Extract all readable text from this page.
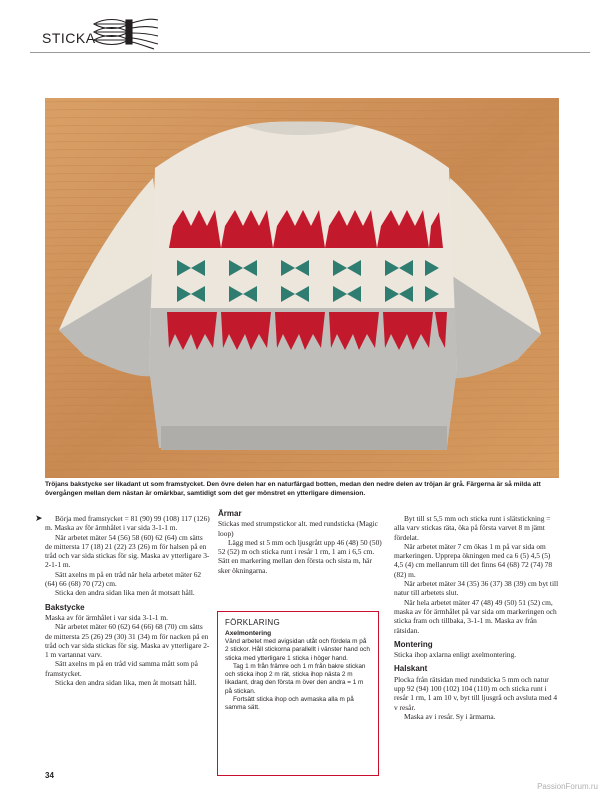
STICKA
Tröjans bakstycke ser likadant ut som framstycket. Den övre delen har en naturfärgad botten, medan den nedre delen av tröjan är grå. Färgerna är så milda att övergången mellan dem nästan är omärkbar, samtidigt som det ger mönstret en ytterligare dimension.
➤	Börja med framstycket = 81 (90) 99 (108) 117 (126) m. Maska av för ärmhålet i var sida 3-1-1 m.

När arbetet mäter 54 (56) 58 (60) 62 (64) cm sätts de mittersta 17 (18) 21 (22) 23 (26) m för halsen på en tråd och var sida stickas för sig. Maska av ytterligare 3-2-1-1 m.

Sätt axelns m på en tråd när hela arbetet mäter 62 (64) 66 (68) 70 (72) cm.

Sticka den andra sidan lika men åt motsatt håll.

Bakstycke

Maska av för ärmhålet i var sida 3-1-1 m.

När arbetet mäter 60 (62) 64 (66) 68 (70) cm sätts de mittersta 25 (26) 29 (30) 31 (34) m för nacken på en tråd och var sida stickas för sig. Maska av ytterligare 2-1 m vartannat varv.

Sätt axelns m på en tråd vid samma mått som på framstycket.

Sticka den andra sidan lika, men åt motsatt håll.

Ärmar

Stickas med strumpstickor alt. med rundsticka (Magic loop)

Lägg med st 5 mm och ljusgrått upp 46 (48) 50 (50) 52 (52) m och sticka runt i resår 1 rm, 1 am i 6,5 cm. Sätt en markering mellan den första och sista m, här sker ökningarna.

FÖRKLARING
Axelmontering

Vänd arbetet med avigsidan utåt och fördela m på 2 stickor. Håll stickorna parallellt i vänster hand och sticka med ytterligare 1 sticka i höger hand.

Tag 1 m från främre och 1 m från bakre stickan och sticka ihop 2 m rät, sticka ihop nästa 2 m likadant, drag den första m över den andra = 1 m på stickan.

Fortsätt sticka ihop och avmaska alla m på samma sätt.

Byt till st 5,5 mm och sticka runt i slätstickning = alla varv stickas räta, öka på första varvet 8 m jämt fördelat.

När arbetet mäter 7 cm ökas 1 m på var sida om markeringen. Upprepa ökningen med ca 6 (5) 4,5 (5) 4,5 (4) cm mellanrum till det finns 64 (68) 72 (74) 78 (82) m.

När arbetet mäter 34 (35) 36 (37) 38 (39) cm byt till natur till arbetets slut.

När hela arbetet mäter 47 (48) 49 (50) 51 (52) cm, maska av för ärmhålet på var sida om markeringen och sticka fram och tillbaka, 3-1-1 m. Maska av från rätsidan.

Montering

Sticka ihop axlarna enligt axelmontering.

Halskant

Plocka från rätsidan med rundsticka 5 mm och natur upp 92 (94) 100 (102) 104 (110) m och sticka runt i resår 1 rm, 1 am 10 v, byt till ljusgrå och avsluta med 4 v resår.

Maska av i resår. Sy i ärmarna.

34
PassionForum.ru
